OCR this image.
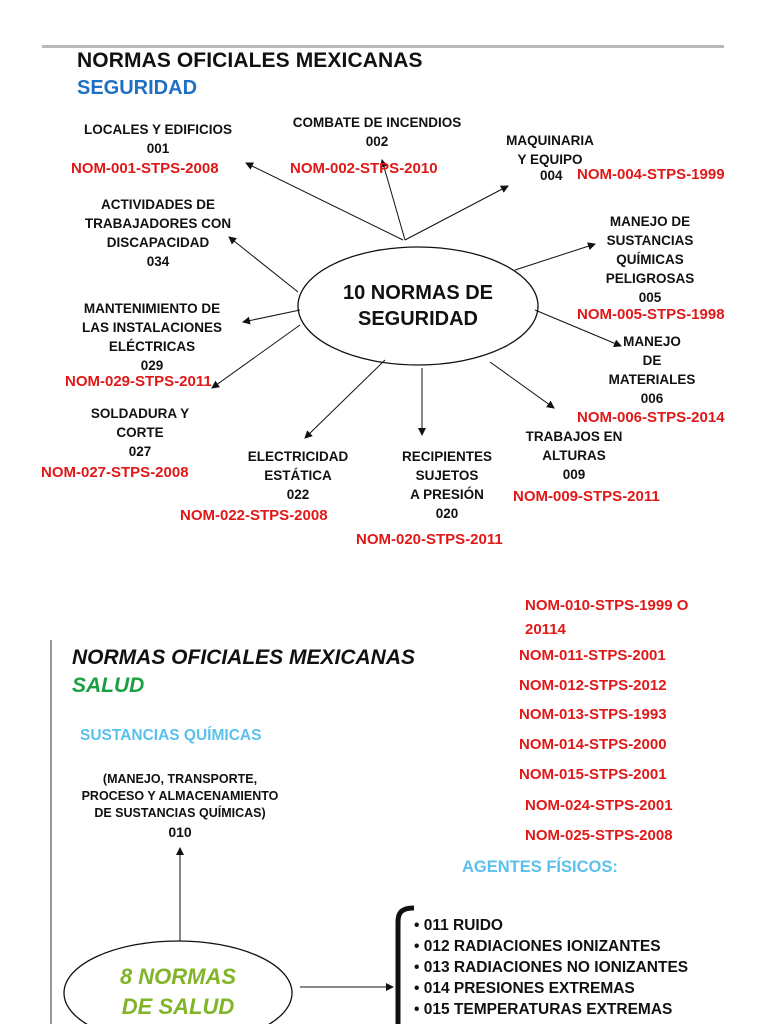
NORMAS OFICIALES MEXICANAS
SEGURIDAD
10 NORMAS DE
SEGURIDAD
LOCALES Y EDIFICIOS
001
NOM-001-STPS-2008
COMBATE DE INCENDIOS
002
NOM-002-STPS-2010
MAQUINARIA
Y EQUIPO
004 NOM-004-STPS-1999
ACTIVIDADES DE
TRABAJADORES CON
DISCAPACIDAD
034
MANEJO DE
SUSTANCIAS
QUÍMICAS
PELIGROSAS
005
NOM-005-STPS-1998
MANTENIMIENTO DE
LAS INSTALACIONES
ELÉCTRICAS
029
NOM-029-STPS-2011
MANEJO
DE
MATERIALES
006
NOM-006-STPS-2014
SOLDADURA Y
CORTE
027
NOM-027-STPS-2008
ELECTRICIDAD
ESTÁTICA
022
NOM-022-STPS-2008
RECIPIENTES
SUJETOS
A PRESIÓN
020
NOM-020-STPS-2011
TRABAJOS EN
ALTURAS
009
NOM-009-STPS-2011
NORMAS OFICIALES MEXICANAS
SALUD
SUSTANCIAS QUÍMICAS
(MANEJO, TRANSPORTE,
PROCESO Y ALMACENAMIENTO
DE SUSTANCIAS QUÍMICAS)
010
8 NORMAS
DE SALUD
NOM-010-STPS-1999 O
20114
NOM-011-STPS-2001
NOM-012-STPS-2012
NOM-013-STPS-1993
NOM-014-STPS-2000
NOM-015-STPS-2001
NOM-024-STPS-2001
NOM-025-STPS-2008
AGENTES FÍSICOS:
• 011 RUIDO
• 012 RADIACIONES IONIZANTES
• 013 RADIACIONES NO IONIZANTES
• 014 PRESIONES EXTREMAS
• 015 TEMPERATURAS EXTREMAS
